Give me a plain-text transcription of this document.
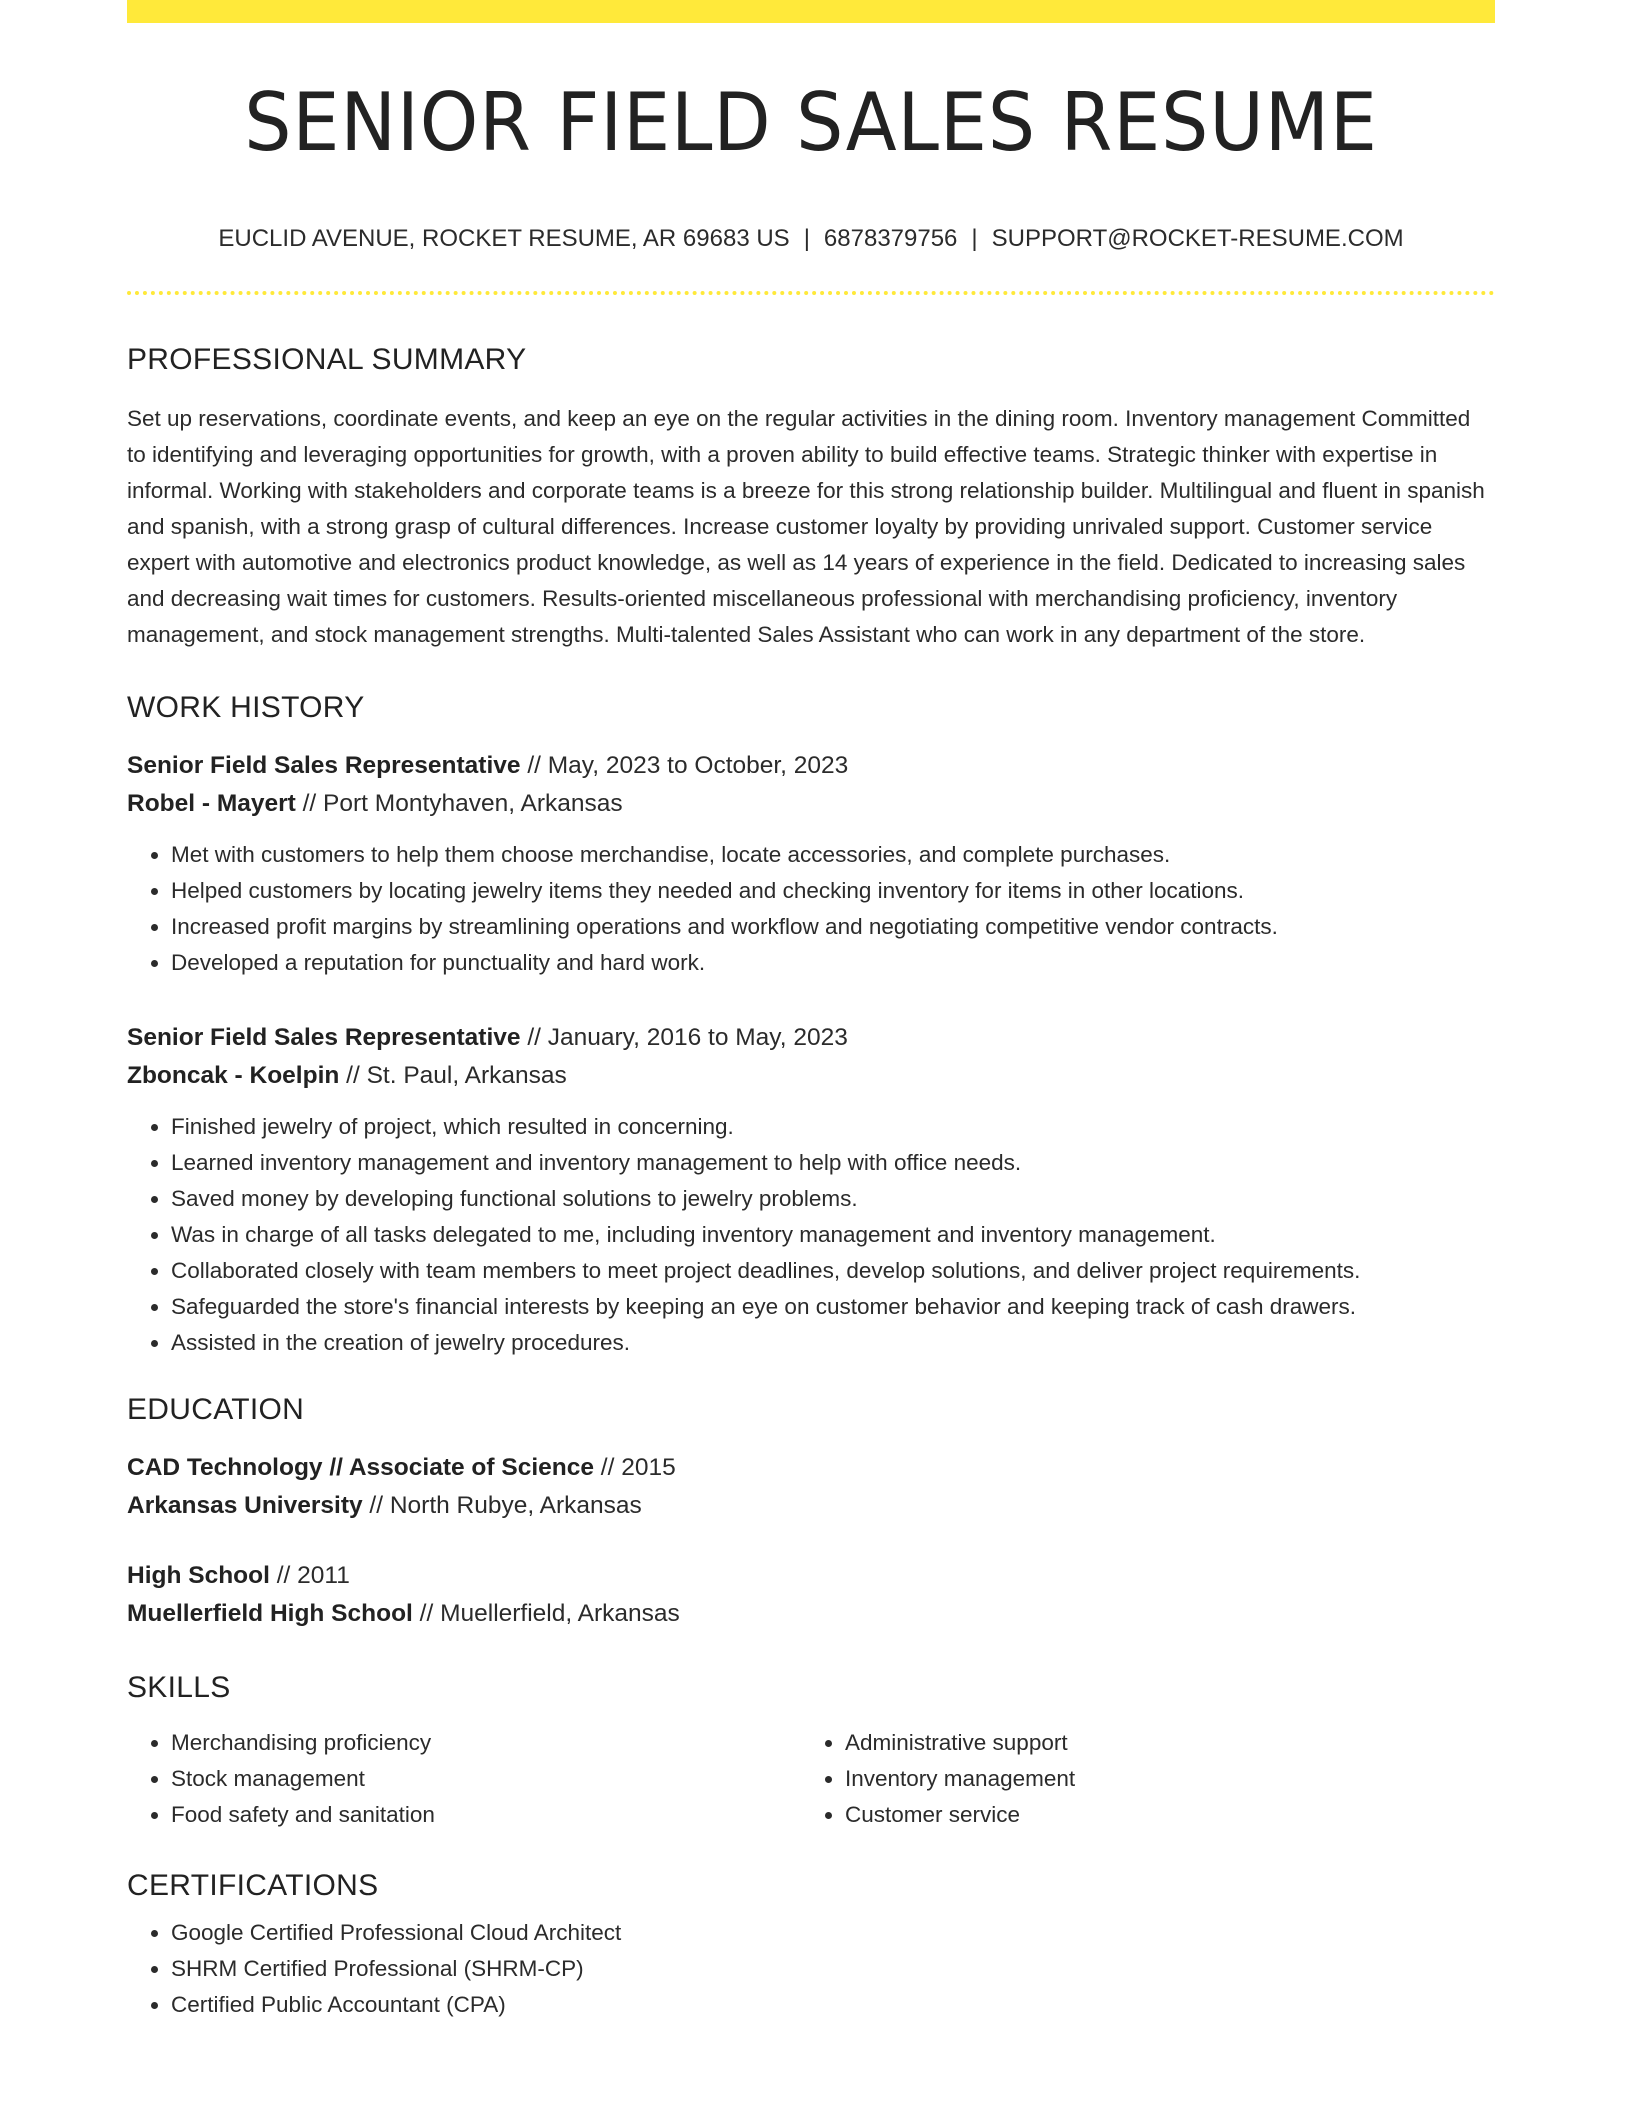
SENIOR FIELD SALES RESUME
EUCLID AVENUE, ROCKET RESUME, AR 69683 US | 6878379756 | SUPPORT@ROCKET-RESUME.COM
PROFESSIONAL SUMMARY

Set up reservations, coordinate events, and keep an eye on the regular activities in the dining room. Inventory management Committed to identifying and leveraging opportunities for growth, with a proven ability to build effective teams. Strategic thinker with expertise in informal. Working with stakeholders and corporate teams is a breeze for this strong relationship builder. Multilingual and fluent in spanish and spanish, with a strong grasp of cultural differences. Increase customer loyalty by providing unrivaled support. Customer service expert with automotive and electronics product knowledge, as well as 14 years of experience in the field. Dedicated to increasing sales and decreasing wait times for customers. Results-oriented miscellaneous professional with merchandising proficiency, inventory management, and stock management strengths. Multi-talented Sales Assistant who can work in any department of the store.

WORK HISTORY
Senior Field Sales Representative // May, 2023 to October, 2023
Robel - Mayert // Port Montyhaven, Arkansas
• Met with customers to help them choose merchandise, locate accessories, and complete purchases.
• Helped customers by locating jewelry items they needed and checking inventory for items in other locations.
• Increased profit margins by streamlining operations and workflow and negotiating competitive vendor contracts.
• Developed a reputation for punctuality and hard work.
Senior Field Sales Representative // January, 2016 to May, 2023
Zboncak - Koelpin // St. Paul, Arkansas
• Finished jewelry of project, which resulted in concerning.
• Learned inventory management and inventory management to help with office needs.
• Saved money by developing functional solutions to jewelry problems.
• Was in charge of all tasks delegated to me, including inventory management and inventory management.
• Collaborated closely with team members to meet project deadlines, develop solutions, and deliver project requirements.
• Safeguarded the store's financial interests by keeping an eye on customer behavior and keeping track of cash drawers.
• Assisted in the creation of jewelry procedures.
EDUCATION
CAD Technology // Associate of Science // 2015
Arkansas University // North Rubye, Arkansas
High School // 2011
Muellerfield High School // Muellerfield, Arkansas
SKILLS
• Merchandising proficiency
• Stock management
• Food safety and sanitation
• Administrative support
• Inventory management
• Customer service
CERTIFICATIONS
• Google Certified Professional Cloud Architect
• SHRM Certified Professional (SHRM-CP)
• Certified Public Accountant (CPA)
